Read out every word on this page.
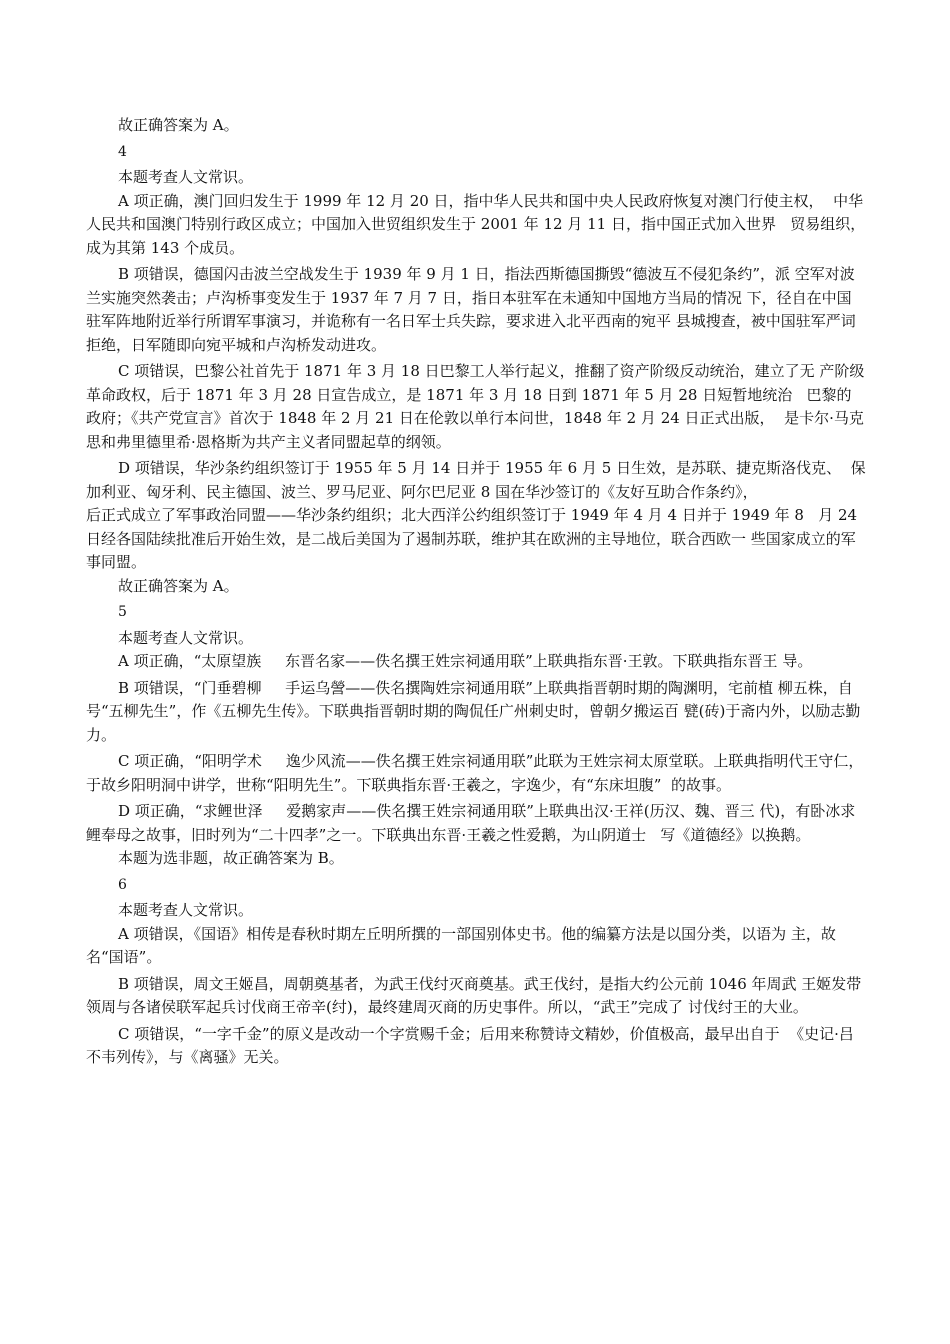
故正确答案为 A。

4

本题考查人文常识。

A 项正确，澳门回归发生于 1999 年 12 月 20 日，指中华人民共和国中央人民政府恢复对澳门行使主权，  中华人民共和国澳门特别行政区成立；中国加入世贸组织发生于 2001 年 12 月 11 日，指中国正式加入世界   贸易组织，成为其第 143 个成员。

B 项错误，德国闪击波兰空战发生于 1939 年 9 月 1 日，指法西斯德国撕毁“德波互不侵犯条约”，派 空军对波兰实施突然袭击；卢沟桥事变发生于 1937 年 7 月 7 日，指日本驻军在未通知中国地方当局的情况 下，径自在中国驻军阵地附近举行所谓军事演习，并诡称有一名日军士兵失踪，要求进入北平西南的宛平 县城搜查，被中国驻军严词拒绝，日军随即向宛平城和卢沟桥发动进攻。

C 项错误，巴黎公社首先于 1871 年 3 月 18 日巴黎工人举行起义，推翻了资产阶级反动统治，建立了无 产阶级革命政权，后于 1871 年 3 月 28 日宣告成立，是 1871 年 3 月 18 日到 1871 年 5 月 28 日短暂地统治   巴黎的政府；《共产党宣言》首次于 1848 年 2 月 21 日在伦敦以单行本问世，1848 年 2 月 24 日正式出版，  是卡尔·马克思和弗里德里希·恩格斯为共产主义者同盟起草的纲领。

D 项错误，华沙条约组织签订于 1955 年 5 月 14 日并于 1955 年 6 月 5 日生效，是苏联、捷克斯洛伐克、  保加利亚、匈牙利、民主德国、波兰、罗马尼亚、阿尔巴尼亚 8 国在华沙签订的《友好互助合作条约》，

后正式成立了军事政治同盟——华沙条约组织；北大西洋公约组织签订于 1949 年 4 月 4 日并于 1949 年 8   月 24 日经各国陆续批准后开始生效，是二战后美国为了遏制苏联，维护其在欧洲的主导地位，联合西欧一 些国家成立的军事同盟。

故正确答案为 A。

5

本题考查人文常识。

A 项正确，“太原望族     东晋名家——佚名撰王姓宗祠通用联”上联典指东晋·王敦。下联典指东晋王 导。

B 项错误，“门垂碧柳     手运乌謍——佚名撰陶姓宗祠通用联”上联典指晋朝时期的陶渊明，宅前植 柳五株，自号“五柳先生”，作《五柳先生传》。下联典指晋朝时期的陶侃任广州刺史时，曾朝夕搬运百 甓(砖)于斋内外，以励志勤力。

C 项正确，“阳明学术     逸少风流——佚名撰王姓宗祠通用联”此联为王姓宗祠太原堂联。上联典指明代王守仁，于故乡阳明洞中讲学，世称“阳明先生”。下联典指东晋·王羲之，字逸少，有“东床坦腹”  的故事。

D 项正确，“求鲤世泽     爱鹅家声——佚名撰王姓宗祠通用联”上联典出汉·王祥(历汉、魏、晋三 代)，有卧冰求鲤奉母之故事，旧时列为“二十四孝”之一。下联典出东晋·王羲之性爱鹅，为山阴道士   写《道德经》以换鹅。

本题为选非题，故正确答案为 B。

6

本题考查人文常识。

A 项错误，《国语》相传是春秋时期左丘明所撰的一部国别体史书。他的编纂方法是以国分类，以语为 主，故名“国语”。

B 项错误，周文王姬昌，周朝奠基者，为武王伐纣灭商奠基。武王伐纣，是指大约公元前 1046 年周武 王姬发带领周与各诸侯联军起兵讨伐商王帝辛(纣)，最终建周灭商的历史事件。所以，“武王”完成了 讨伐纣王的大业。

C 项错误，“一字千金”的原义是改动一个字赏赐千金；后用来称赞诗文精妙，价值极高，最早出自于  《史记·吕不韦列传》，与《离骚》无关。
